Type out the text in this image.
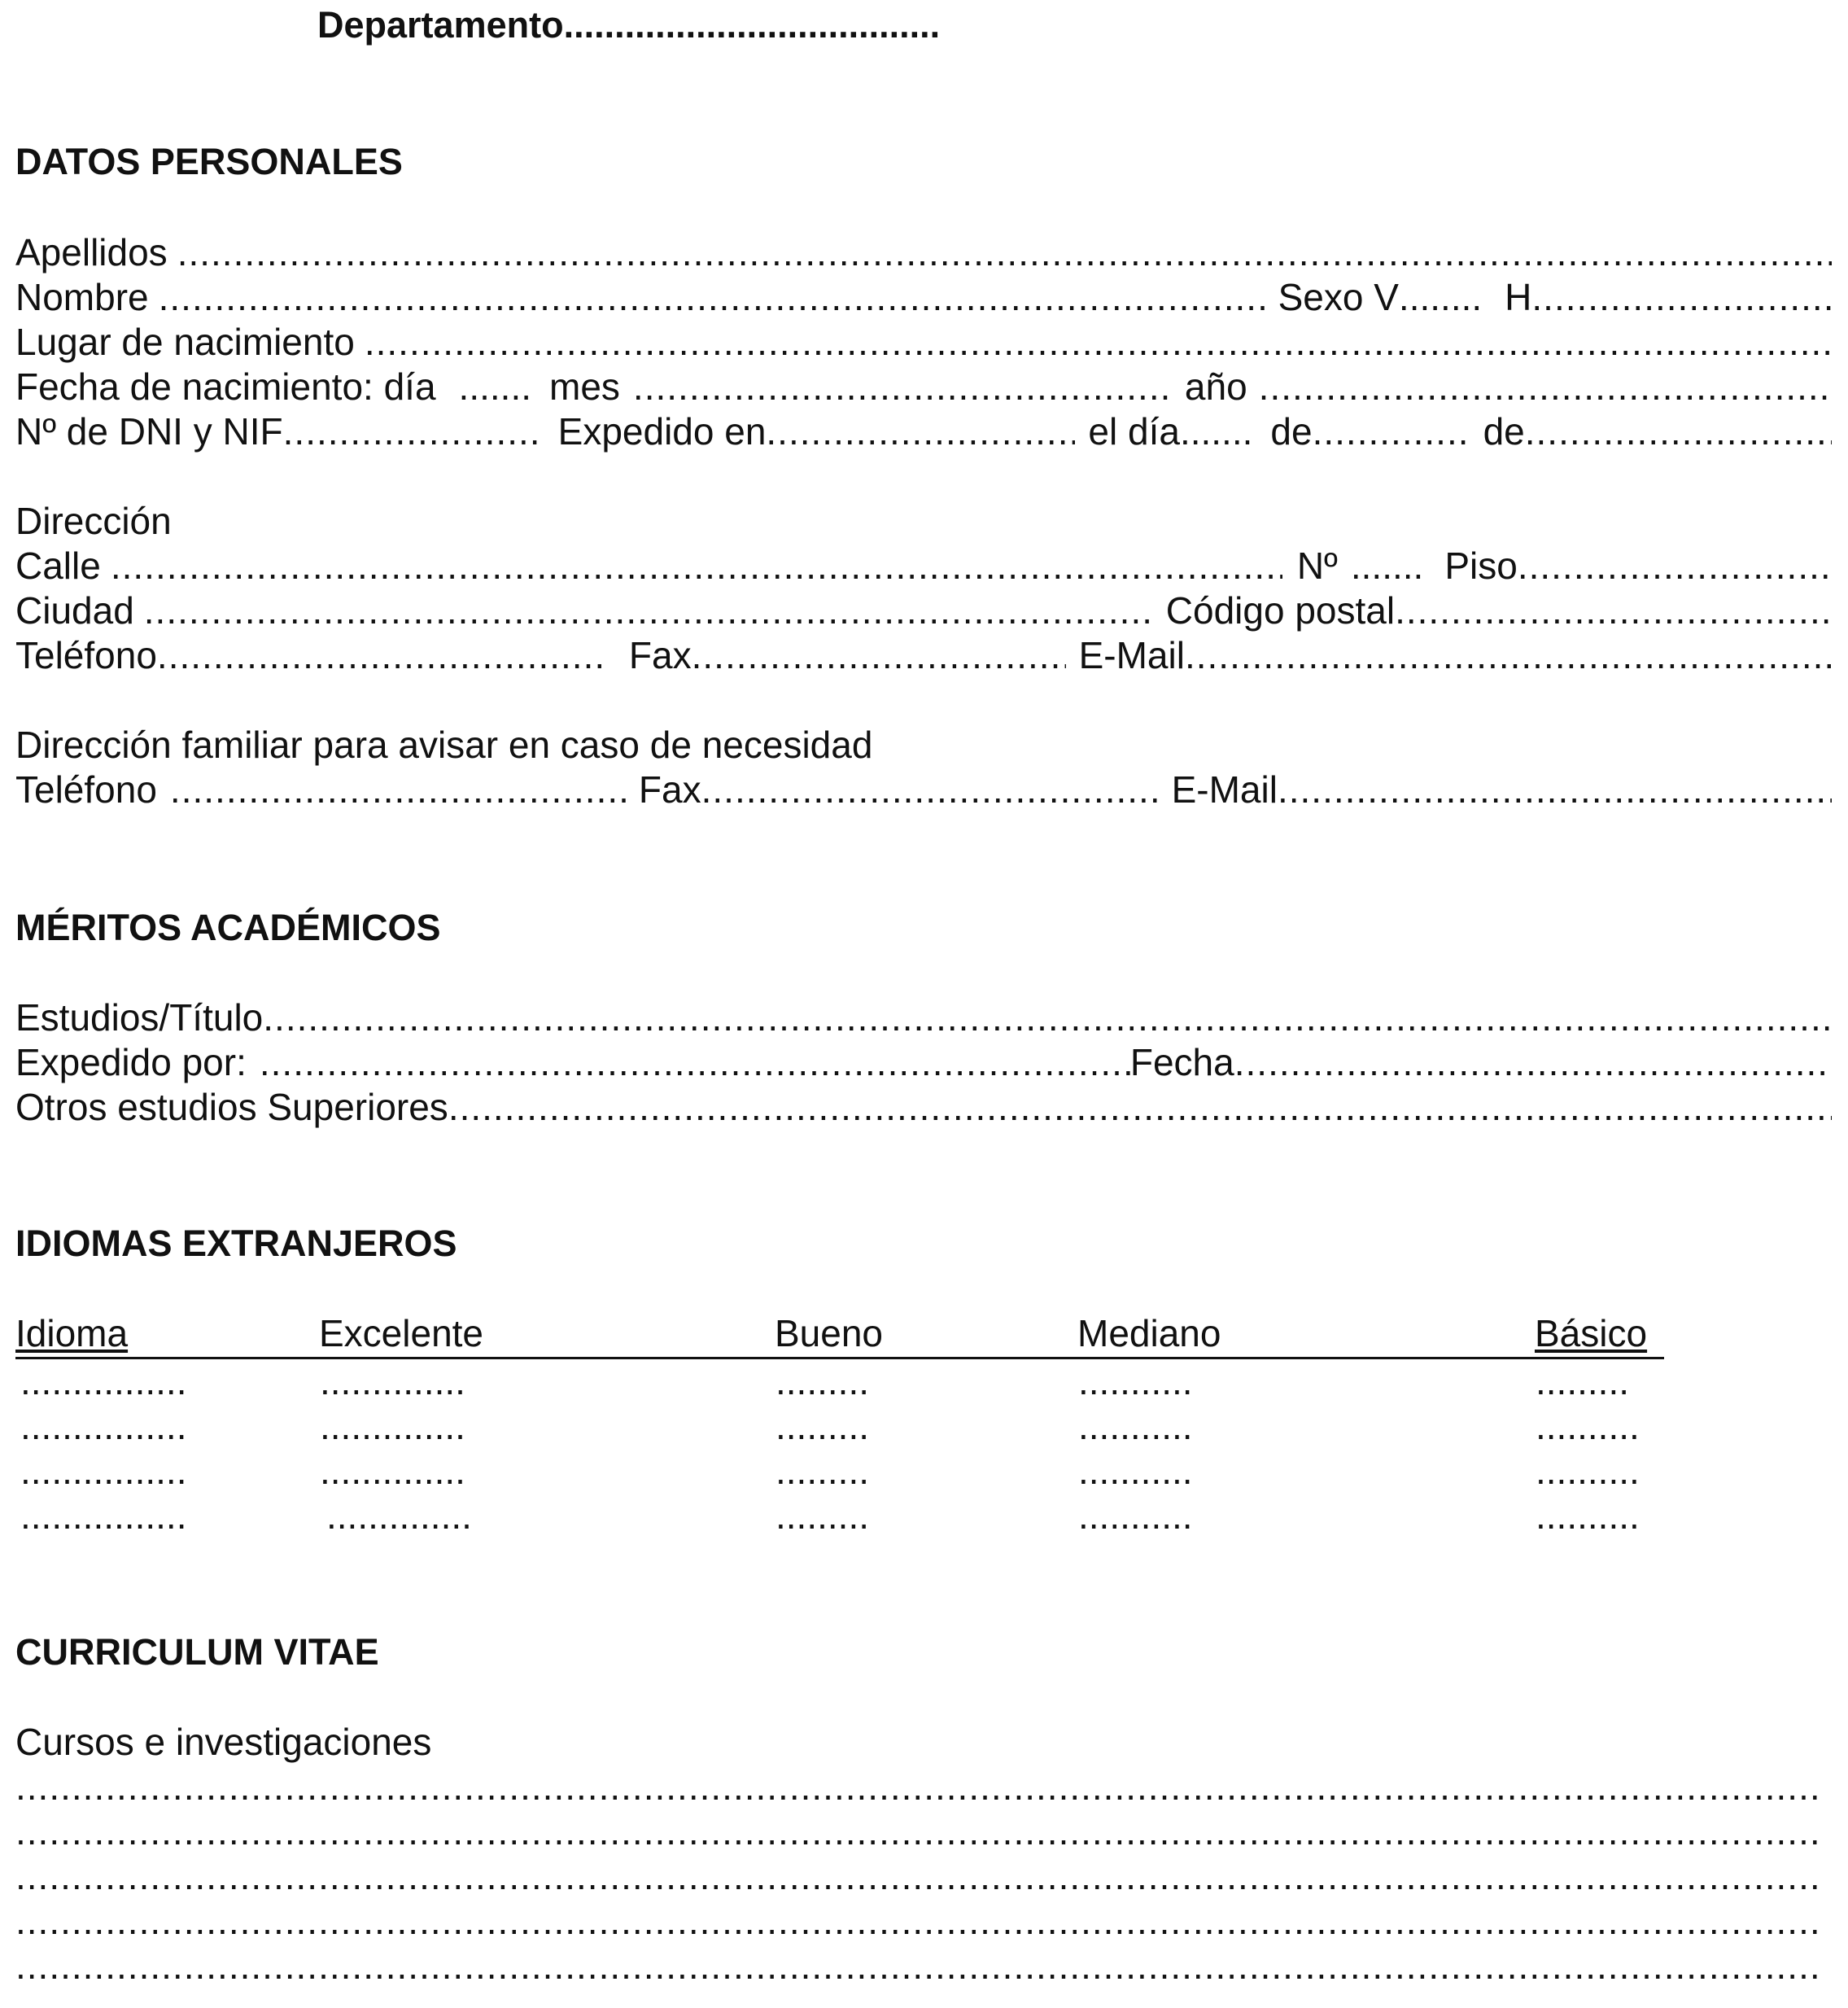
Departamento.....................................
DATOS PERSONALES
Apellidos
.....
Nombre .....	Sexo V ........ H
.....
Lugar de nacimiento
.....
Fecha de nacimiento: día ....... mes .....	año
.....
Nº de DNI y NIF .....	Expedido en .....	el día ....... de .....	de
.....
Dirección
Calle .....	Nº ....... Piso
.....
Ciudad .....	Código postal
.....
Teléfono .....	Fax .....	E-Mail
.....
Dirección familiar para avisar en caso de necesidad
Teléfono .....	Fax .....	E-Mail
.....
MÉRITOS ACADÉMICOS
Estudios/Título
.....
Expedido por: .....	Fecha
.....
Otros estudios Superiores
.....
IDIOMAS EXTRANJEROS
Idioma	Excelente	Bueno	Mediano	Básico
................	..............	.........	...........	.........
................	..............	.........	...........	..........
................	..............	.........	...........	..........
................	..............	.........	...........	..........
CURRICULUM VITAE
Cursos e investigaciones
.....
.....
.....
.....
.....
